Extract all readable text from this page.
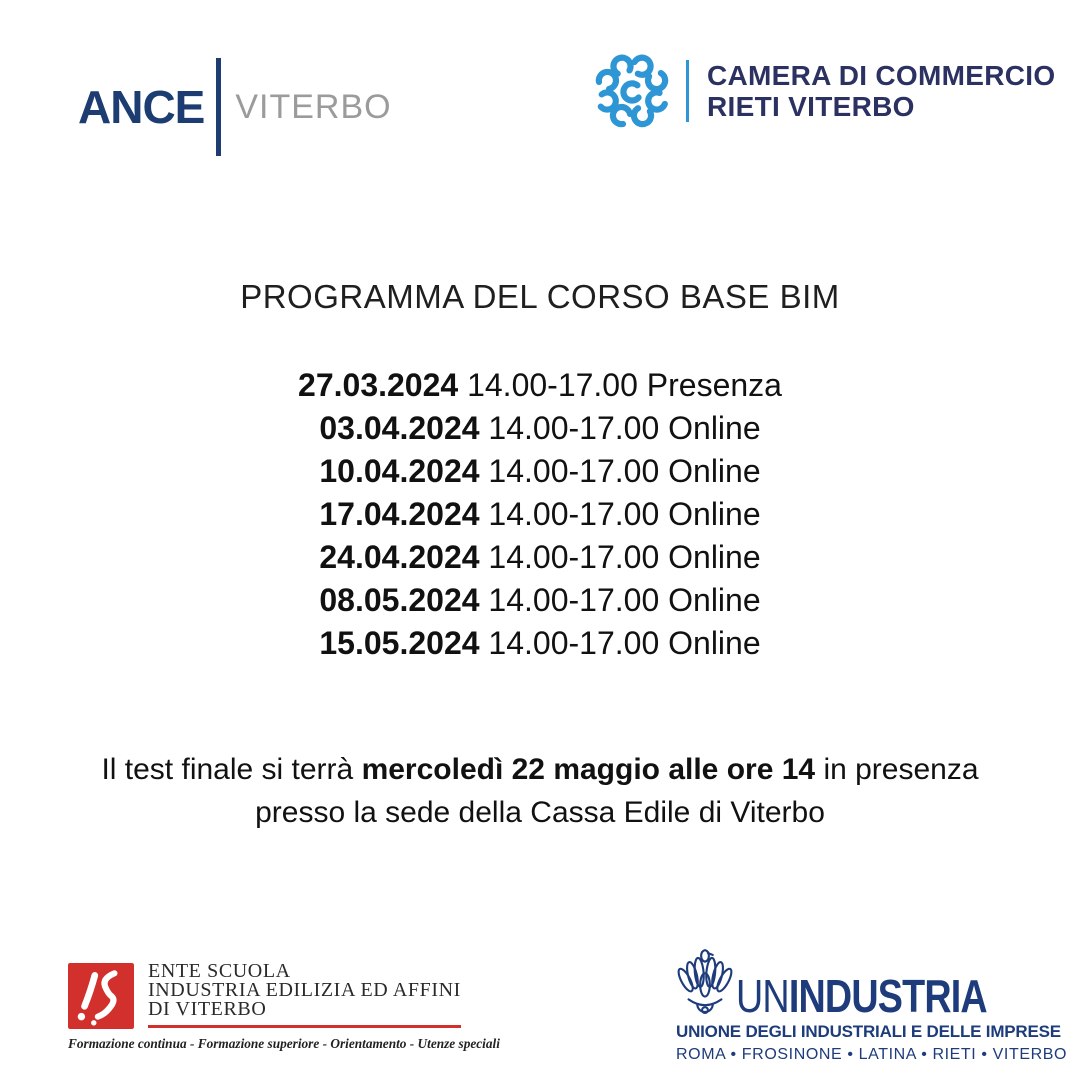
ANCE VITERBO
CAMERA DI COMMERCIO
RIETI VITERBO
PROGRAMMA DEL CORSO BASE BIM
27.03.2024 14.00-17.00 Presenza
03.04.2024 14.00-17.00 Online
10.04.2024 14.00-17.00 Online
17.04.2024 14.00-17.00 Online
24.04.2024 14.00-17.00 Online
08.05.2024 14.00-17.00 Online
15.05.2024 14.00-17.00 Online

Il test finale si terrà mercoledì 22 maggio alle ore 14 in presenza
presso la sede della Cassa Edile di Viterbo

ENTE SCUOLA
INDUSTRIA EDILIZIA ED AFFINI
DI VITERBO
Formazione continua - Formazione superiore - Orientamento - Utenze speciali
UNINDUSTRIA
UNIONE DEGLI INDUSTRIALI E DELLE IMPRESE
ROMA • FROSINONE • LATINA • RIETI • VITERBO
